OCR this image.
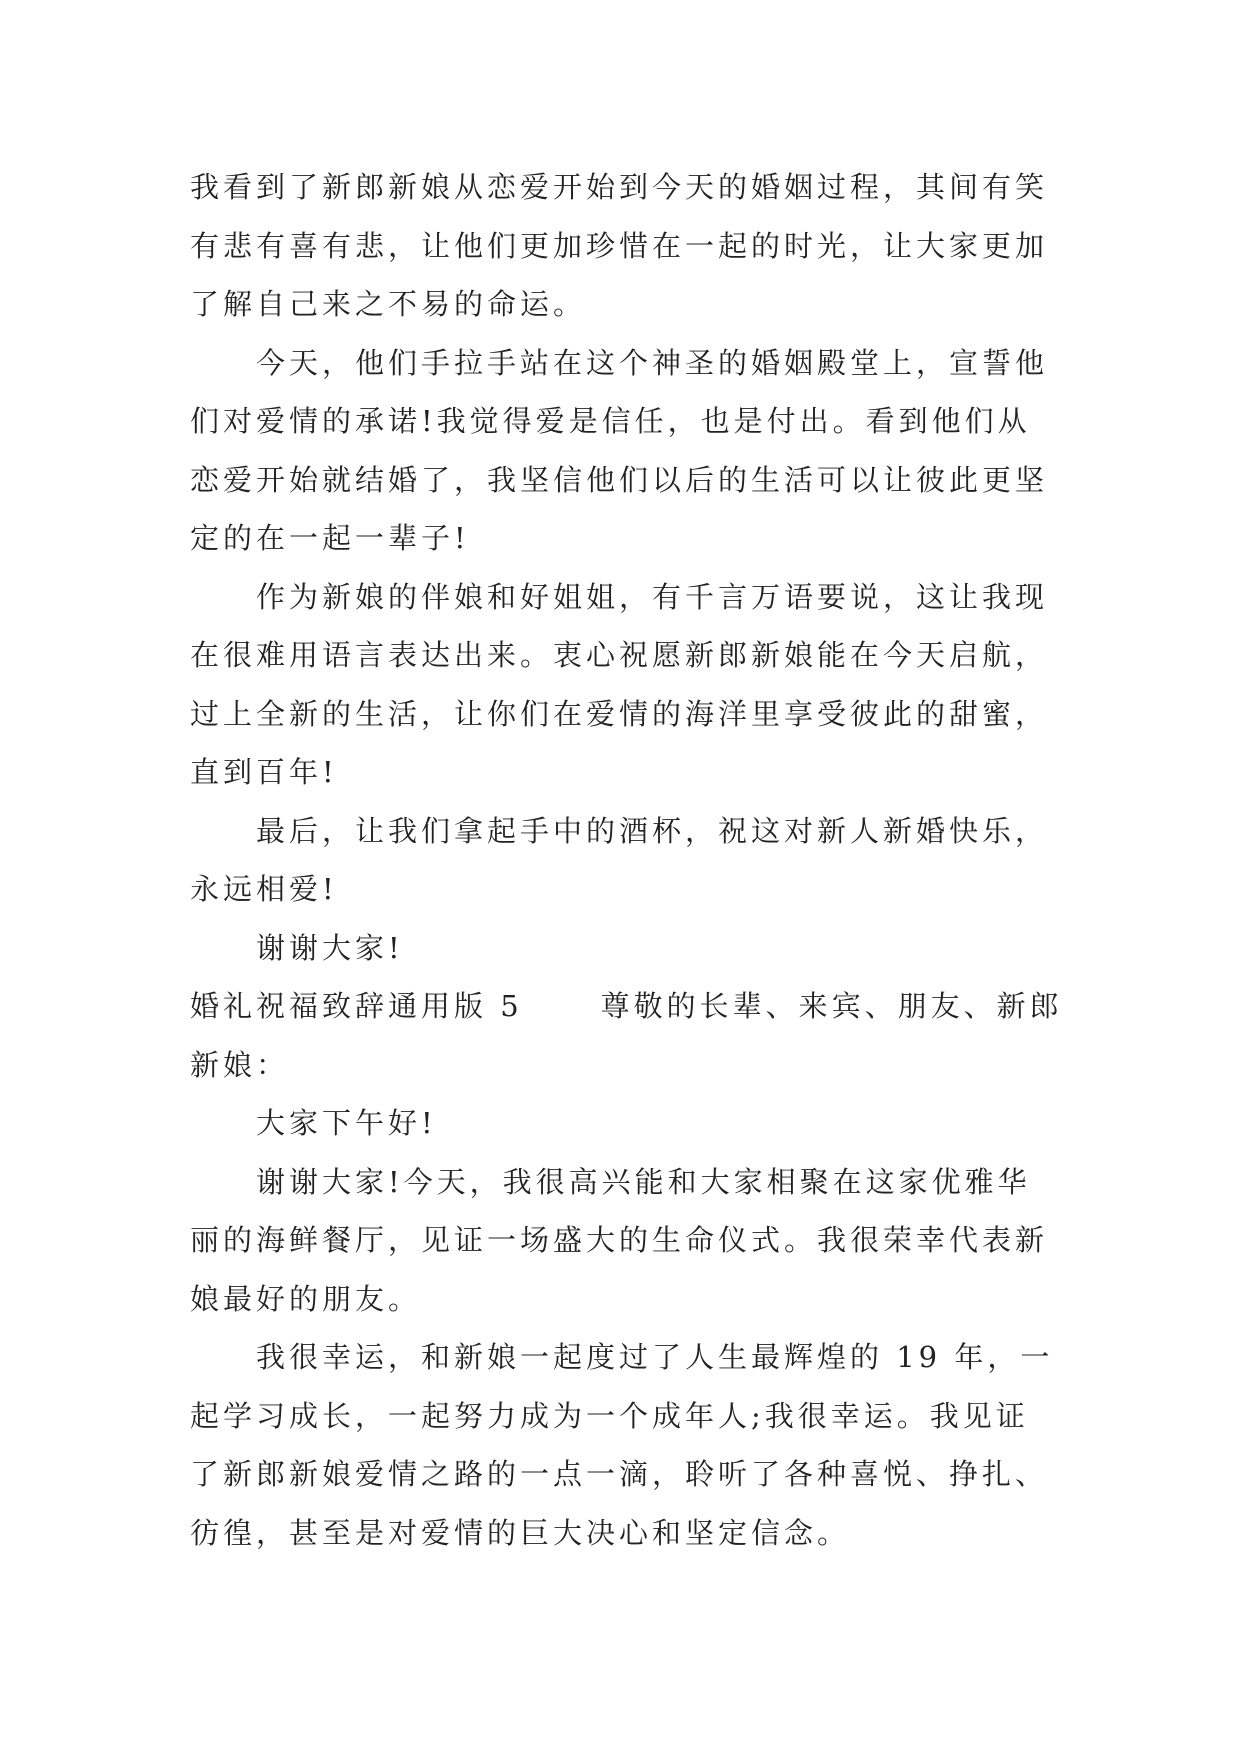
我看到了新郎新娘从恋爱开始到今天的婚姻过程，其间有笑
有悲有喜有悲，让他们更加珍惜在一起的时光，让大家更加
了解自己来之不易的命运。
今天，他们手拉手站在这个神圣的婚姻殿堂上，宣誓他
们对爱情的承诺!我觉得爱是信任，也是付出。看到他们从
恋爱开始就结婚了，我坚信他们以后的生活可以让彼此更坚
定的在一起一辈子!
作为新娘的伴娘和好姐姐，有千言万语要说，这让我现
在很难用语言表达出来。衷心祝愿新郎新娘能在今天启航，
过上全新的生活，让你们在爱情的海洋里享受彼此的甜蜜，
直到百年!
最后，让我们拿起手中的酒杯，祝这对新人新婚快乐，
永远相爱!
谢谢大家!
婚礼祝福致辞通用版 5	尊敬的长辈、来宾、朋友、新郎
新娘：
大家下午好!
谢谢大家!今天，我很高兴能和大家相聚在这家优雅华
丽的海鲜餐厅，见证一场盛大的生命仪式。我很荣幸代表新
娘最好的朋友。
我很幸运，和新娘一起度过了人生最辉煌的 19 年，一
起学习成长，一起努力成为一个成年人;我很幸运。我见证
了新郎新娘爱情之路的一点一滴，聆听了各种喜悦、挣扎、
彷徨，甚至是对爱情的巨大决心和坚定信念。
